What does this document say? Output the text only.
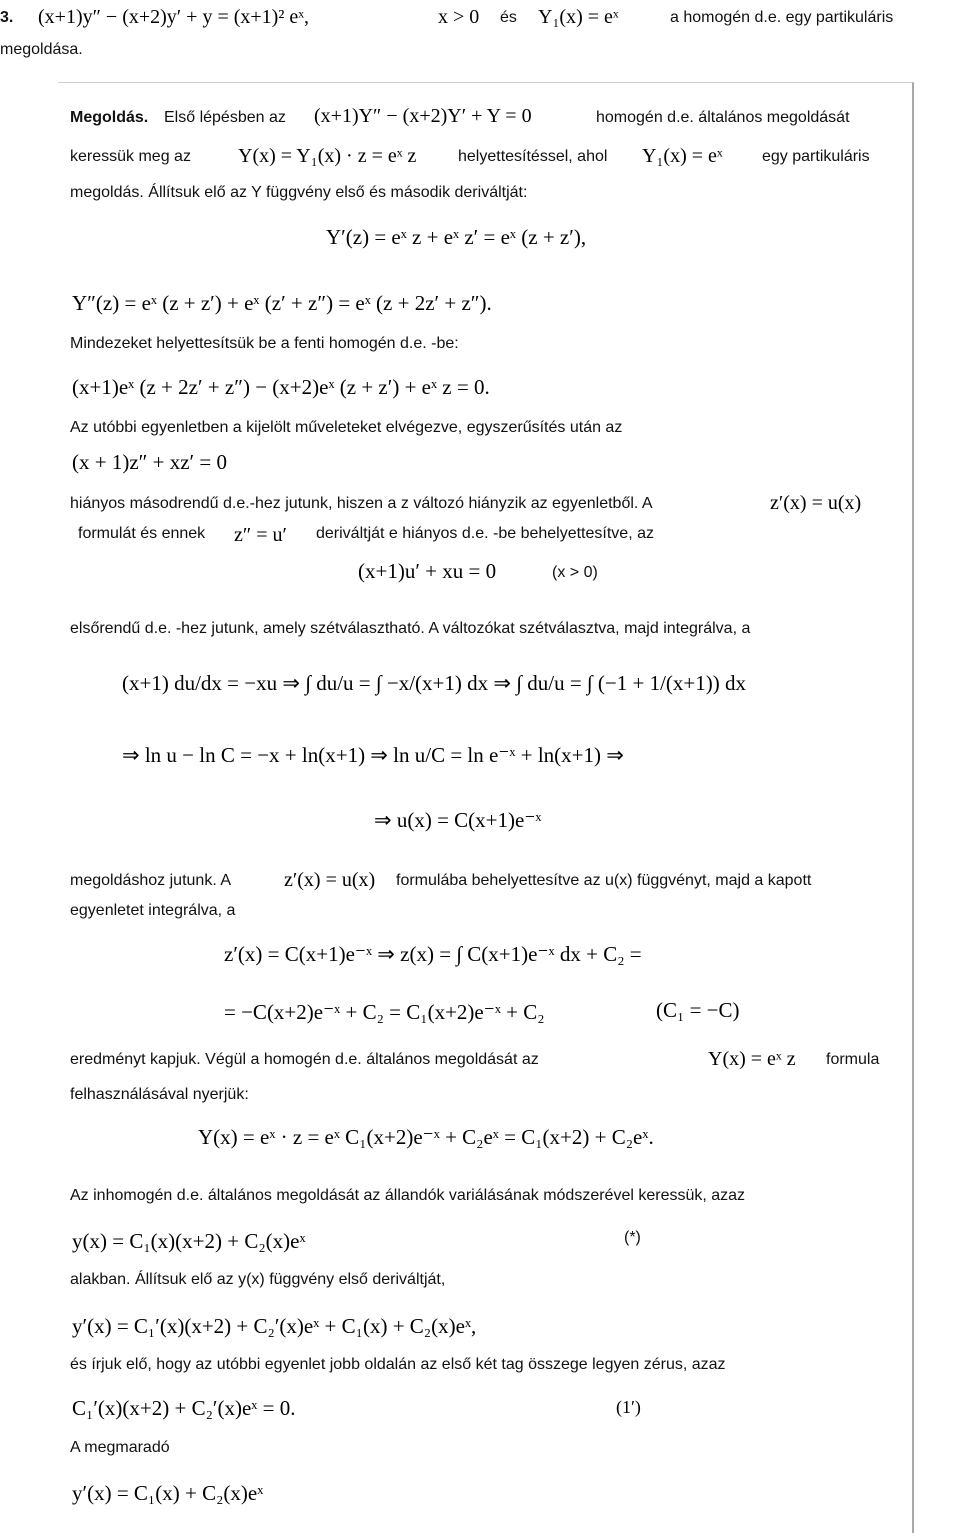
3. (x+1)y″ − (x+2)y′ + y = (x+1)² eˣ,	x > 0 és Y₁(x) = eˣ	a homogén d.e. egy partikuláris
megoldása.
Megoldás. Első lépésben az (x+1)Y″ − (x+2)Y′ + Y = 0	homogén d.e. általános megoldását
keressük meg az Y(x) = Y₁(x) · z = eˣ z	helyettesítéssel, ahol Y₁(x) = eˣ egy partikuláris
megoldás. Állítsuk elő az Y függvény első és második deriváltját:
Y′(z) = eˣ z + eˣ z′ = eˣ (z + z′),
Y″(z) = eˣ (z + z′) + eˣ (z′ + z″) = eˣ (z + 2z′ + z″).
Mindezeket helyettesítsük be a fenti homogén d.e. -be:
(x+1)eˣ (z + 2z′ + z″) − (x+2)eˣ (z + z′) + eˣ z = 0.
Az utóbbi egyenletben a kijelölt műveleteket elvégezve, egyszerűsítés után az
(x + 1)z″ + xz′ = 0
hiányos másodrendű d.e.-hez jutunk, hiszen a z változó hiányzik az egyenletből. A	z′(x) = u(x)
formulát és ennek z″ = u′ deriváltját e hiányos d.e. -be behelyettesítve, az
(x+1)u′ + xu = 0	(x > 0)
elsőrendű d.e. -hez jutunk, amely szétválasztható. A változókat szétválasztva, majd integrálva, a
(x+1) du/dx = −xu ⇒ ∫ du/u = ∫ −x/(x+1) dx ⇒ ∫ du/u = ∫ (−1 + 1/(x+1)) dx
⇒ ln u − ln C = −x + ln(x+1) ⇒ ln u/C = ln e⁻ˣ + ln(x+1) ⇒
⇒ u(x) = C(x+1)e⁻ˣ
megoldáshoz jutunk. A	z′(x) = u(x) formulába behelyettesítve az u(x) függvényt, majd a kapott
egyenletet integrálva, a
z′(x) = C(x+1)e⁻ˣ ⇒ z(x) = ∫ C(x+1)e⁻ˣ dx + C₂ =
= −C(x+2)e⁻ˣ + C₂ = C₁(x+2)e⁻ˣ + C₂	(C₁ = −C)
eredményt kapjuk. Végül a homogén d.e. általános megoldását az	Y(x) = eˣ z formula
felhasználásával nyerjük:
Y(x) = eˣ · z = eˣ C₁(x+2)e⁻ˣ + C₂eˣ = C₁(x+2) + C₂eˣ.
Az inhomogén d.e. általános megoldását az állandók variálásának módszerével keressük, azaz
y(x) = C₁(x)(x+2) + C₂(x)eˣ	(*)
alakban. Állítsuk elő az y(x) függvény első deriváltját,
y′(x) = C₁′(x)(x+2) + C₂′(x)eˣ + C₁(x) + C₂(x)eˣ,
és írjuk elő, hogy az utóbbi egyenlet jobb oldalán az első két tag összege legyen zérus, azaz
C₁′(x)(x+2) + C₂′(x)eˣ = 0.	(1′)
A megmaradó
y′(x) = C₁(x) + C₂(x)eˣ
